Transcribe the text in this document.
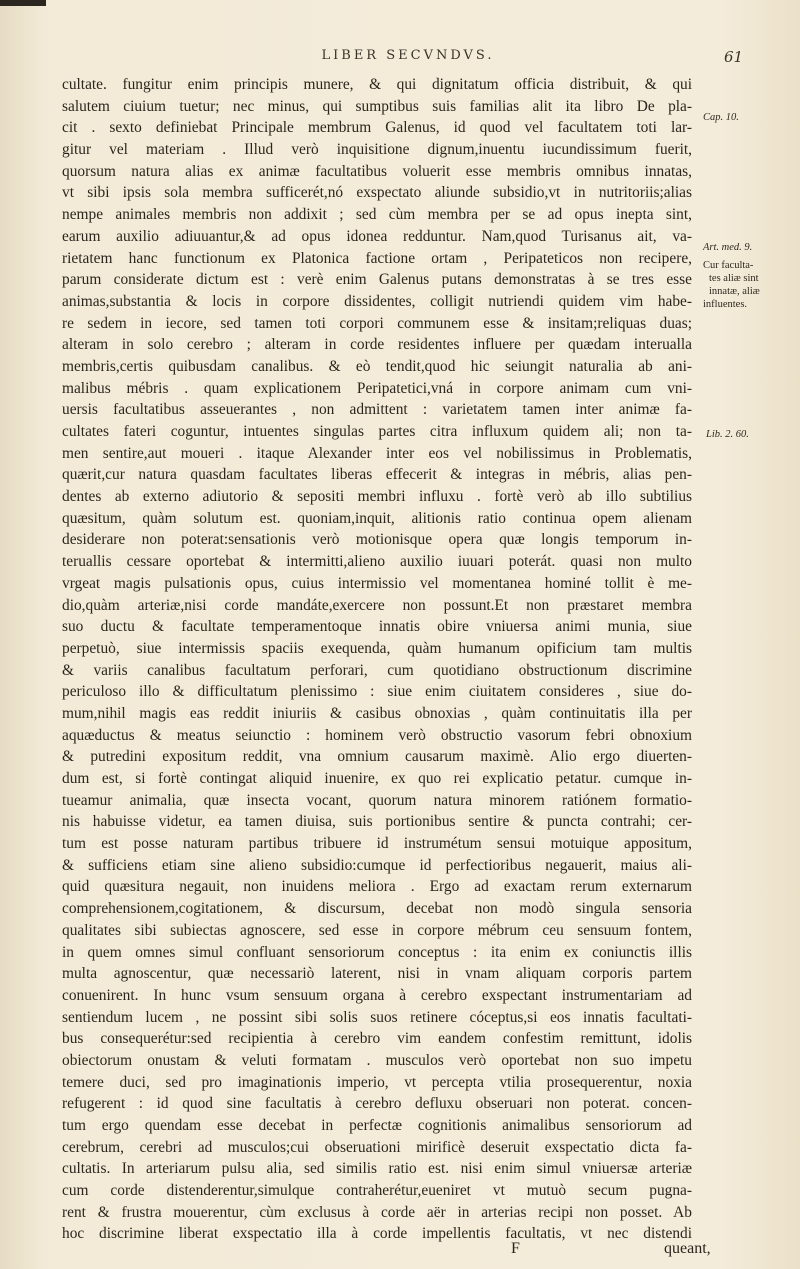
LIBER SECVNDVS.	61
cultate. fungitur enim principis munere, & qui dignitatum officia distribuit, & qui
salutem ciuium tuetur; nec minus, qui sumptibus suis familias alit ita libro De pla-
cit . sexto definiebat Principale membrum Galenus, id quod vel facultatem toti lar-
gitur vel materiam . Illud verò inquisitione dignum,inuentu iucundissimum fuerit,
quorsum natura alias ex animæ facultatibus voluerit esse membris omnibus innatas,
vt sibi ipsis sola membra sufficerét,nó exspectato aliunde subsidio,vt in nutritoriis;alias
nempe animales membris non addixit ; sed cùm membra per se ad opus inepta sint,
earum auxilio adiuuantur,& ad opus idonea redduntur. Nam,quod Turisanus ait, va-
rietatem hanc functionum ex Platonica factione ortam , Peripateticos non recipere,
parum considerate dictum est : verè enim Galenus putans demonstratas à se tres esse
animas,substantia & locis in corpore dissidentes, colligit nutriendi quidem vim habe-
re sedem in iecore, sed tamen toti corpori communem esse & insitam;reliquas duas;
alteram in solo cerebro ; alteram in corde residentes influere per quædam interualla
membris,certis quibusdam canalibus. & eò tendit,quod hic seiungit naturalia ab ani-
malibus mébris . quam explicationem Peripatetici,vná in corpore animam cum vni-
uersis facultatibus asseuerantes , non admittent : varietatem tamen inter animæ fa-
cultates fateri coguntur, intuentes singulas partes citra influxum quidem ali; non ta-
men sentire,aut moueri . itaque Alexander inter eos vel nobilissimus in Problematis,
quærit,cur natura quasdam facultates liberas effecerit & integras in mébris, alias pen-
dentes ab externo adiutorio & sepositi membri influxu . fortè verò ab illo subtilius
quæsitum, quàm solutum est. quoniam,inquit, alitionis ratio continua opem alienam
desiderare non poterat:sensationis verò motionisque opera quæ longis temporum in-
teruallis cessare oportebat & intermitti,alieno auxilio iuuari poterát. quasi non multo
vrgeat magis pulsationis opus, cuius intermissio vel momentanea hominé tollit è me-
dio,quàm arteriæ,nisi corde mandáte,exercere non possunt.Et non præstaret membra
suo ductu & facultate temperamentoque innatis obire vniuersa animi munia, siue
perpetuò, siue intermissis spaciis exequenda, quàm humanum opificium tam multis
& variis canalibus facultatum perforari, cum quotidiano obstructionum discrimine
periculoso illo & difficultatum plenissimo : siue enim ciuitatem consideres , siue do-
mum,nihil magis eas reddit iniuriis & casibus obnoxias , quàm continuitatis illa per
aquæductus & meatus seiunctio : hominem verò obstructio vasorum febri obnoxium
& putredini expositum reddit, vna omnium causarum maximè. Alio ergo diuerten-
dum est, si fortè contingat aliquid inuenire, ex quo rei explicatio petatur. cumque in-
tueamur animalia, quæ insecta vocant, quorum natura minorem ratiónem formatio-
nis habuisse videtur, ea tamen diuisa, suis portionibus sentire & puncta contrahi; cer-
tum est posse naturam partibus tribuere id instrumétum sensui motuique appositum,
& sufficiens etiam sine alieno subsidio:cumque id perfectioribus negauerit, maius ali-
quid quæsitura negauit, non inuidens meliora . Ergo ad exactam rerum externarum
comprehensionem,cogitationem, & discursum, decebat non modò singula sensoria
qualitates sibi subiectas agnoscere, sed esse in corpore mébrum ceu sensuum fontem,
in quem omnes simul confluant sensoriorum conceptus : ita enim ex coniunctis illis
multa agnoscentur, quæ necessariò laterent, nisi in vnam aliquam corporis partem
conuenirent. In hunc vsum sensuum organa à cerebro exspectant instrumentariam ad
sentiendum lucem , ne possint sibi solis suos retinere cóceptus,si eos innatis facultati-
bus consequerétur:sed recipientia à cerebro vim eandem confestim remittunt, idolis
obiectorum onustam & veluti formatam . musculos verò oportebat non suo impetu
temere duci, sed pro imaginationis imperio, vt percepta vtilia prosequerentur, noxia
refugerent : id quod sine facultatis à cerebro defluxu obseruari non poterat. concen-
tum ergo quendam esse decebat in perfectæ cognitionis animalibus sensoriorum ad
cerebrum, cerebri ad musculos;cui obseruationi mirificè deseruit exspectatio dicta fa-
cultatis. In arteriarum pulsu alia, sed similis ratio est. nisi enim simul vniuersæ arteriæ
cum corde distenderentur,simulque contraherétur,eueniret vt mutuò secum pugna-
rent & frustra mouerentur, cùm exclusus à corde aër in arterias recipi non posset. Ab
hoc discrimine liberat exspectatio illa à corde impellentis facultatis, vt nec distendi
Cap. 10.
Art. med. 9.
Cur faculta-
tes aliæ sint
innatæ, aliæ
influentes.
Lib. 2. 60.
F	queant,
